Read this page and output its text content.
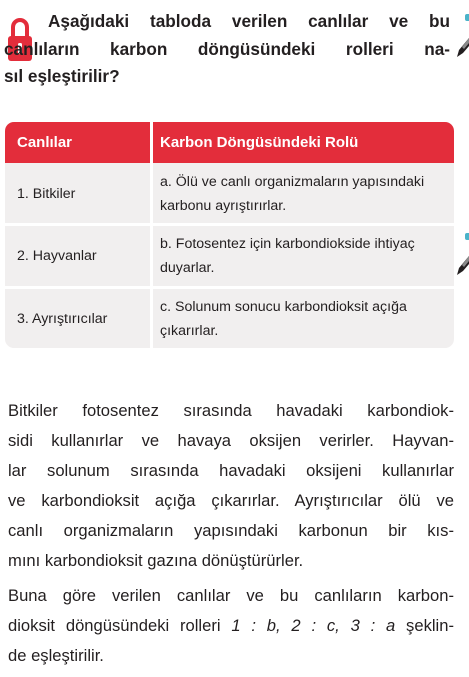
Aşağıdaki tabloda verilen canlılar ve bu
canlıların karbon döngüsündeki rolleri na-
sıl eşleştirilir?

Canlılar	Karbon Döngüsündeki Rolü
1. Bitkiler
a. Ölü ve canlı organizmaların yapısındaki
karbonu ayrıştırırlar.
2. Hayvanlar
b. Fotosentez için karbondiokside ihtiyaç
duyarlar.
3. Ayrıştırıcılar
c. Solunum sonucu karbondioksit açığa
çıkarırlar.

Bitkiler fotosentez sırasında havadaki karbondiok-
sidi kullanırlar ve havaya oksijen verirler. Hayvan-
lar solunum sırasında havadaki oksijeni kullanırlar
ve karbondioksit açığa çıkarırlar. Ayrıştırıcılar ölü ve
canlı organizmaların yapısındaki karbonun bir kıs-
mını karbondioksit gazına dönüştürürler.

Buna göre verilen canlılar ve bu canlıların karbon-
dioksit döngüsündeki rolleri 1 : b, 2 : c, 3 : a şeklin-
de eşleştirilir.
